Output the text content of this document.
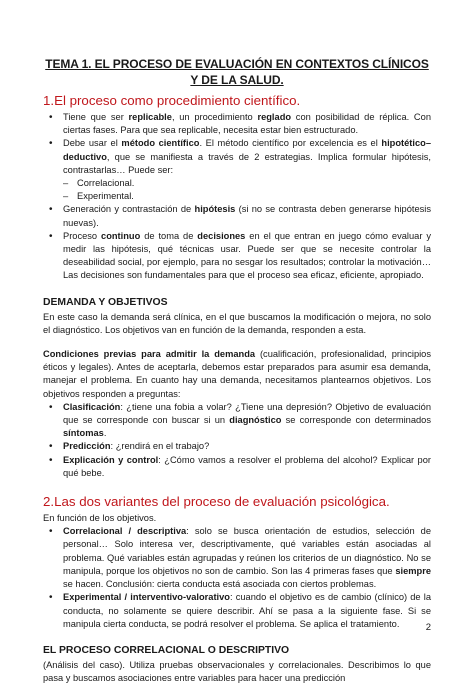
TEMA 1. EL PROCESO DE EVALUACIÓN EN CONTEXTOS CLÍNICOS Y DE LA SALUD.
1.El proceso como procedimiento científico.
• Tiene que ser replicable, un procedimiento reglado con posibilidad de réplica. Con ciertas fases. Para que sea replicable, necesita estar bien estructurado.
• Debe usar el método científico. El método científico por excelencia es el hipotético–deductivo, que se manifiesta a través de 2 estrategias. Implica formular hipótesis, contrastarlas… Puede ser:
– Correlacional.
– Experimental.
• Generación y contrastación de hipótesis (si no se contrasta deben generarse hipótesis nuevas).
• Proceso continuo de toma de decisiones en el que entran en juego cómo evaluar y medir las hipótesis, qué técnicas usar. Puede ser que se necesite controlar la deseabilidad social, por ejemplo, para no sesgar los resultados; controlar la motivación… Las decisiones son fundamentales para que el proceso sea eficaz, eficiente, apropiado.
DEMANDA Y OBJETIVOS

En este caso la demanda será clínica, en el que buscamos la modificación o mejora, no solo el diagnóstico. Los objetivos van en función de la demanda, responden a esta.

Condiciones previas para admitir la demanda (cualificación, profesionalidad, principios éticos y legales). Antes de aceptarla, debemos estar preparados para asumir esa demanda, manejar el problema. En cuanto hay una demanda, necesitamos plantearnos objetivos. Los objetivos responden a preguntas:

• Clasificación: ¿tiene una fobia a volar? ¿Tiene una depresión? Objetivo de evaluación que se corresponde con buscar si un diagnóstico se corresponde con determinados síntomas.
• Predicción: ¿rendirá en el trabajo?
• Explicación y control: ¿Cómo vamos a resolver el problema del alcohol? Explicar por qué bebe.
2.Las dos variantes del proceso de evaluación psicológica.

En función de los objetivos.

• Correlacional / descriptiva: solo se busca orientación de estudios, selección de personal… Solo interesa ver, descriptivamente, qué variables están asociadas al problema. Qué variables están agrupadas y reúnen los criterios de un diagnóstico. No se manipula, porque los objetivos no son de cambio. Son las 4 primeras fases que siempre se hacen. Conclusión: cierta conducta está asociada con ciertos problemas.
• Experimental / interventivo-valorativo: cuando el objetivo es de cambio (clínico) de la conducta, no solamente se quiere describir. Ahí se pasa a la siguiente fase. Si se manipula cierta conducta, se podrá resolver el problema. Se aplica el tratamiento.
EL PROCESO CORRELACIONAL O DESCRIPTIVO

(Análisis del caso). Utiliza pruebas observacionales y correlacionales. Describimos lo que pasa y buscamos asociaciones entre variables para hacer una predicción

2
